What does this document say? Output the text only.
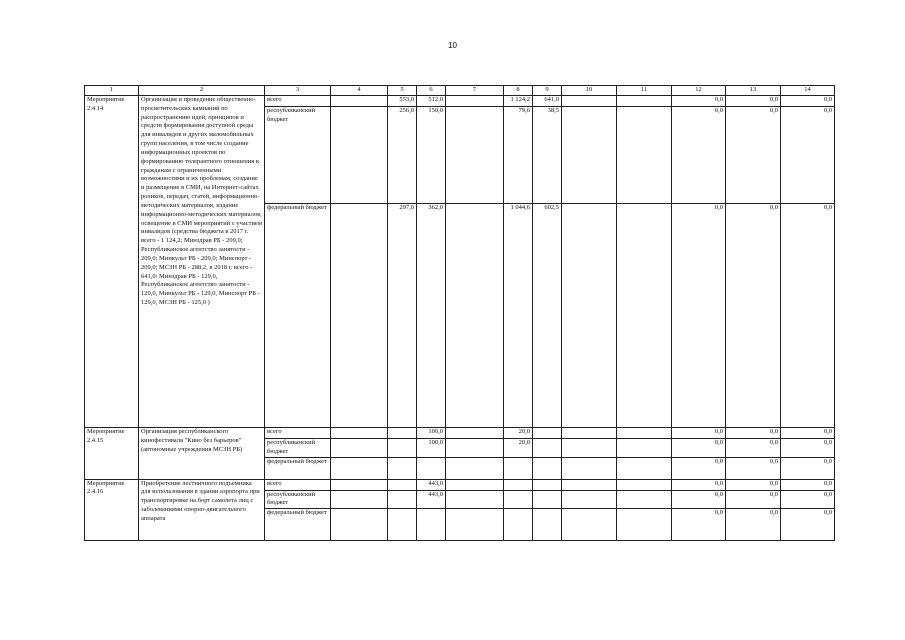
10
1	2	3	4	5	6	7	8	9	10	11	12	13	14
Мероприятие 2.4.14	Организация и проведение общественно-просветительских кампаний по распространению идей, принципов и средств формирования доступной среды для инвалидов и других маломобильных групп населения, в том числе создание информационных проектов по формированию толерантного отношения к гражданам с ограниченными возможностями и их проблемам, создание и размещение в СМИ, на Интернет-сайтах роликов, передач, статей, информационно-методических материалов, изданиe информационно-методических материалов, освещение в СМИ мероприятий с участием инвалидов (средства бюджета в 2017 г. всего - 1 124,2; Минздрав РБ - 209,0; Республиканское агентство занятости - 209,0; Минкульт РБ - 209,0; Минспорт - 209,0; МСЗН РБ - 288,2, в 2018 г. всего - 641,0: Минздрав РБ - 129,0, Республиканское агентство занятости - 129,0, Минкульт РБ - 129,0, Минспорт РБ - 129,0, МСЗН РБ - 125,0 )	всего		553,0	512,0		1 124,2	641,0			0,0	0,0	0,0
		республиканский бюджет		256,0	150,0		79,6	38,5			0,0	0,0	0,0
		федеральный бюджет		297,0	362,0		1 044,6	602,5			0,0	0,0	0,0
Мероприятие 2.4.15	Организация республиканского кинофестиваля "Кино без барьеров" (автономные учреждения МСЗН РБ)	всего			100,0		20,0				0,0	0,0	0,0
		республиканский бюджет			100,0		20,0				0,0	0,0	0,0
		федеральный бюджет									0,0	0,0	0,0
Мероприятие 2.4.16	Приобретение лестничного подъемника для использования в здании аэропорта при транспортировке на борт самолета лиц с заболеваниями опорно-двигательного аппарата	всего			443,0						0,0	0,0	0,0
		республиканский бюджет			443,0						0,0	0,0	0,0
		федеральный бюджет									0,0	0,0	0,0
